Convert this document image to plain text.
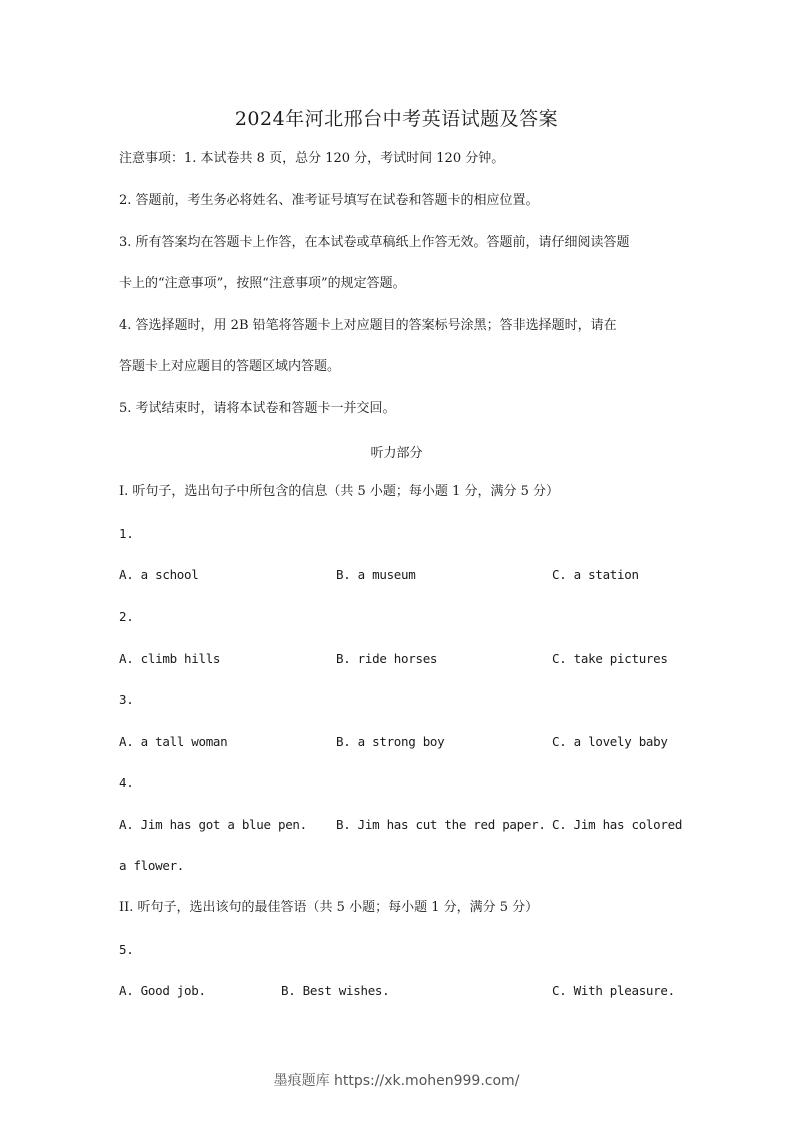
2024年河北邢台中考英语试题及答案
注意事项：1. 本试卷共 8 页，总分 120 分，考试时间 120 分钟。
2. 答题前，考生务必将姓名、准考证号填写在试卷和答题卡的相应位置。
3. 所有答案均在答题卡上作答，在本试卷或草稿纸上作答无效。答题前，请仔细阅读答题
卡上的“注意事项”，按照“注意事项”的规定答题。
4. 答选择题时，用 2B 铅笔将答题卡上对应题目的答案标号涂黑；答非选择题时，请在
答题卡上对应题目的答题区域内答题。
5. 考试结束时，请将本试卷和答题卡一并交回。
听力部分
I. 听句子，选出句子中所包含的信息（共 5 小题；每小题 1 分，满分 5 分）
1.
A. a school	B. a museum	C. a station
2.
A. climb hills	B. ride horses	C. take pictures
3.
A. a tall woman	B. a strong boy	C. a lovely baby
4.
A. Jim has got a blue pen. B. Jim has cut the red paper. C. Jim has colored
a flower.
II. 听句子，选出该句的最佳答语（共 5 小题；每小题 1 分，满分 5 分）
5.
A. Good job.	B. Best wishes.	C. With pleasure.
墨痕题库 https://xk.mohen999.com/
